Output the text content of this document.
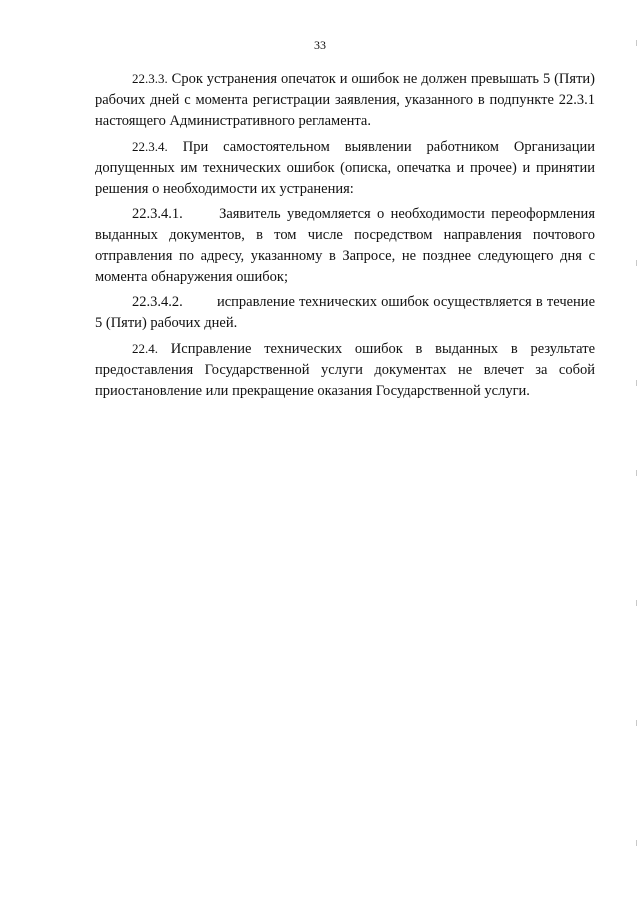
33

22.3.3. Срок устранения опечаток и ошибок не должен превышать 5 (Пяти) рабочих дней с момента регистрации заявления, указанного в подпункте 22.3.1 настоящего Административного регламента.

22.3.4. При самостоятельном выявлении работником Организации допущенных им технических ошибок (описка, опечатка и прочее) и принятии решения о необходимости их устранения:

22.3.4.1.	Заявитель уведомляется о необходимости переоформления выданных документов, в том числе посредством направления почтового отправления по адресу, указанному в Запросе, не позднее следующего дня с момента обнаружения ошибок;

22.3.4.2. исправление технических ошибок осуществляется в течение 5 (Пяти) рабочих дней.

22.4. Исправление технических ошибок в выданных в результате предоставления Государственной услуги документах не влечет за собой приостановление или прекращение оказания Государственной услуги.
